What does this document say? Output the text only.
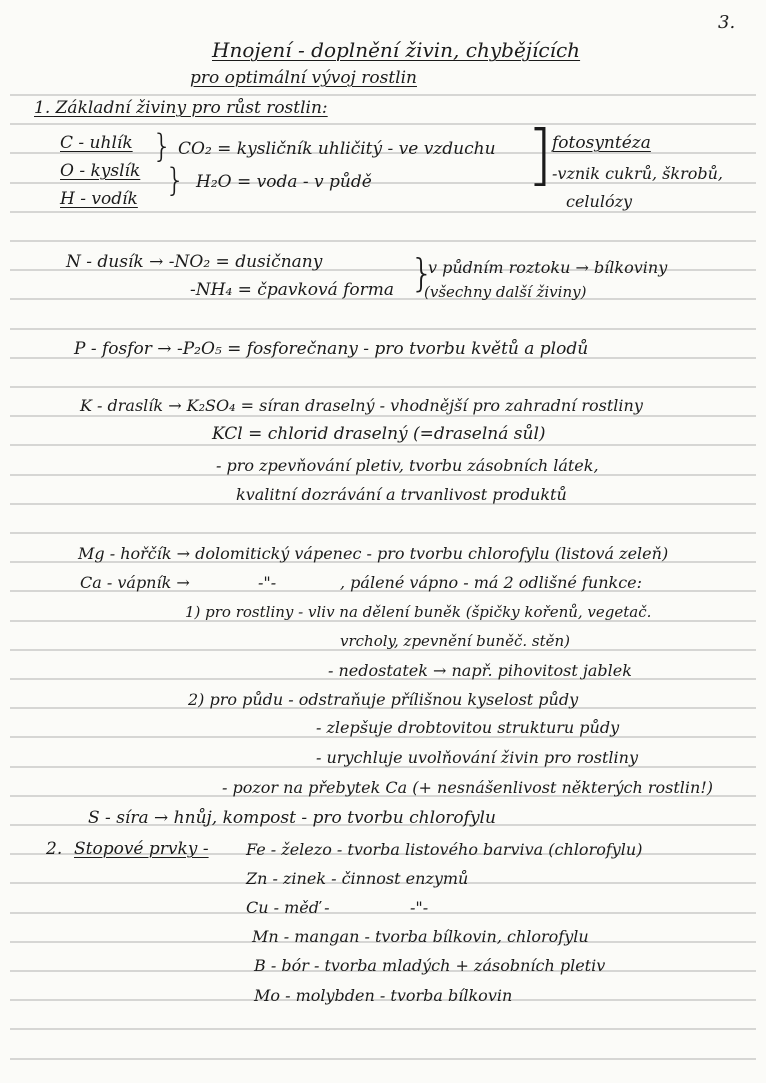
3.
Hnojení - doplnění živin, chybějících
pro optimální vývoj rostlin
1. Základní živiny pro růst rostlin:
C - uhlík
O - kyslík
H - vodík
}
}
CO₂ = kysličník uhličitý - ve vzduchu
H₂O = voda - v půdě ] fotosyntéza
-vznik cukrů, škrobů,
celulózy
N - dusík → -NO₂ = dusičnany
-NH₄ = čpavková forma }
v půdním roztoku → bílkoviny
(všechny další živiny)
P - fosfor → -P₂O₅ = fosforečnany - pro tvorbu květů a plodů
K - draslík → K₂SO₄ = síran draselný - vhodnější pro zahradní rostliny
KCl = chlorid draselný (=draselná sůl)
- pro zpevňování pletiv, tvorbu zásobních látek,
kvalitní dozrávání a trvanlivost produktů
Mg - hořčík → dolomitický vápenec - pro tvorbu chlorofylu (listová zeleň)
Ca - vápník →	-"-	, pálené vápno - má 2 odlišné funkce:
1) pro rostliny - vliv na dělení buněk (špičky kořenů, vegetač.
vrcholy, zpevnění buněč. stěn)
- nedostatek → např. pihovitost jablek
2) pro půdu - odstraňuje přílišnou kyselost půdy
- zlepšuje drobtovitou strukturu půdy
- urychluje uvolňování živin pro rostliny
- pozor na přebytek Ca (+ nesnášenlivost některých rostlin!)
S - síra → hnůj, kompost - pro tvorbu chlorofylu
2. Stopové prvky - Fe - železo - tvorba listového barviva (chlorofylu)
Zn - zinek - činnost enzymů
Cu - měď -	-"-
Mn - mangan - tvorba bílkovin, chlorofylu
B - bór - tvorba mladých + zásobních pletiv
Mo - molybden - tvorba bílkovin
